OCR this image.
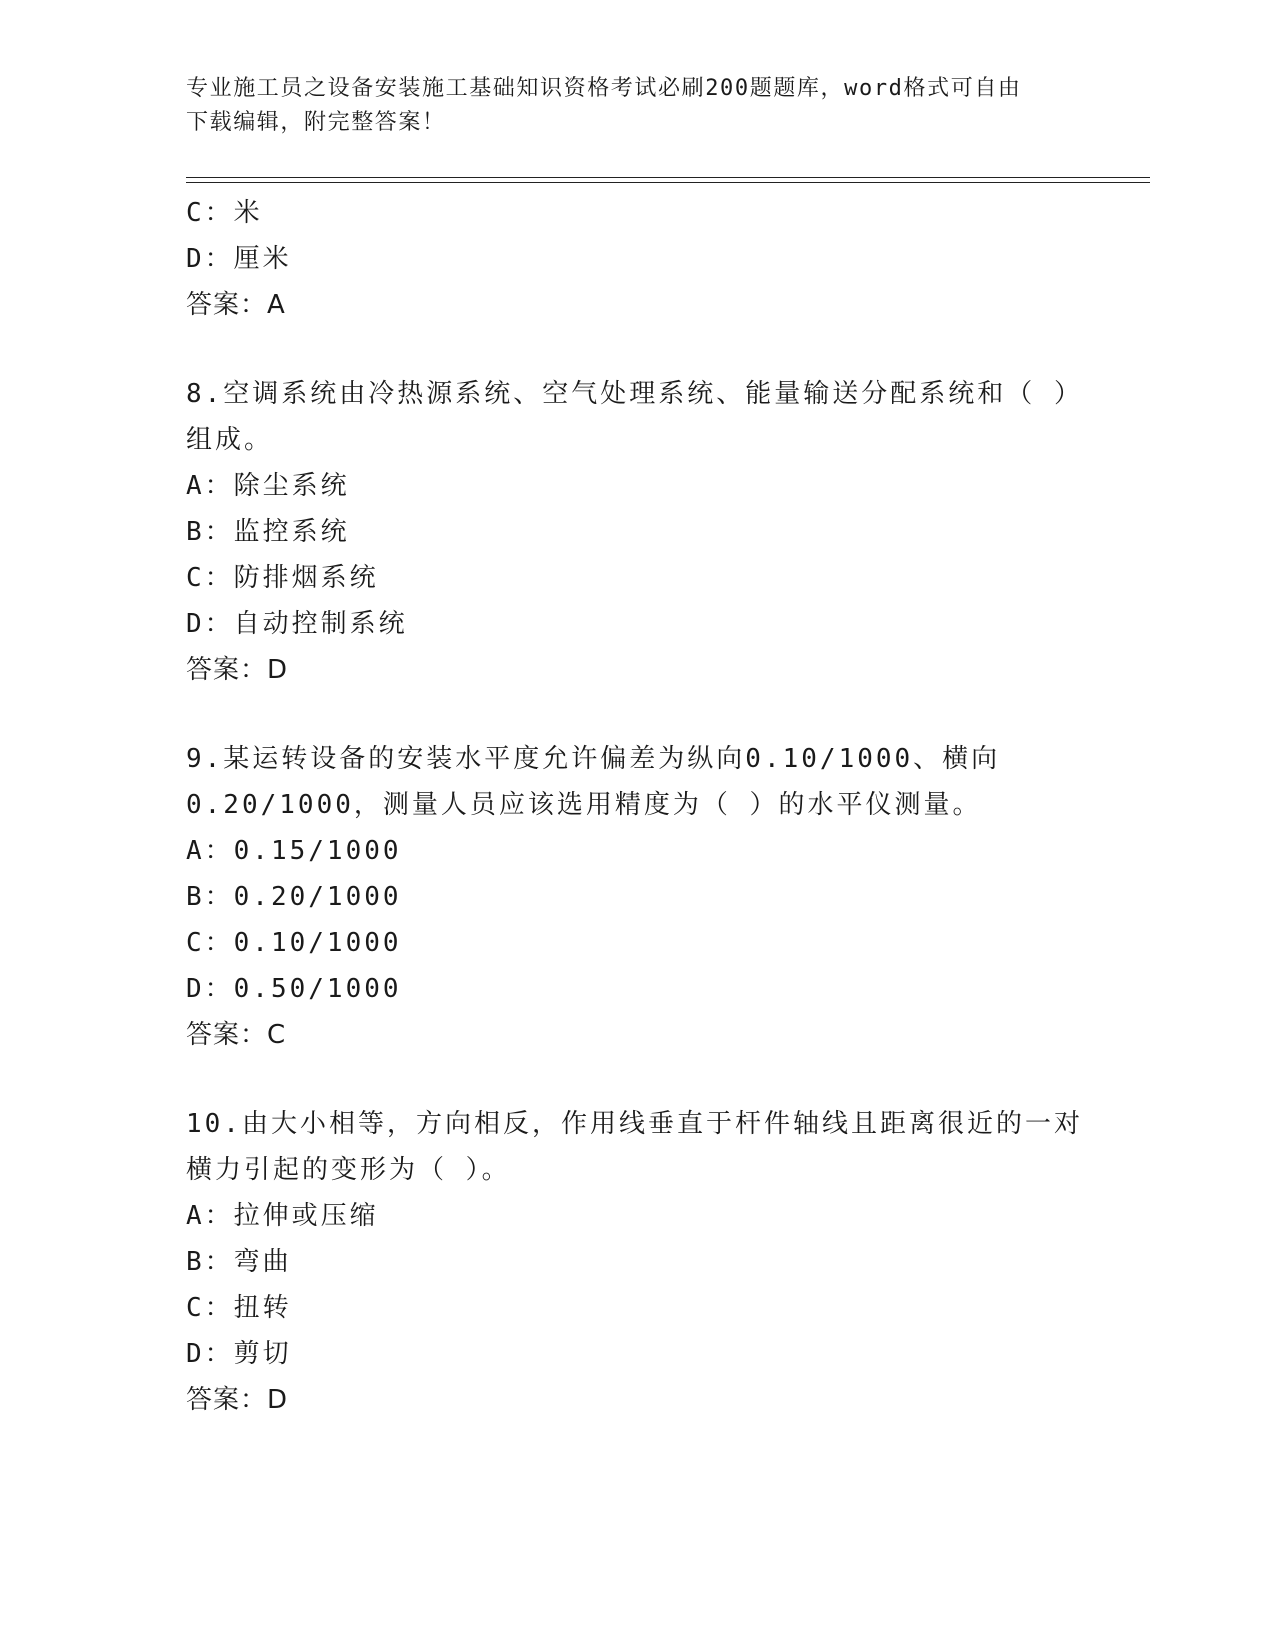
专业施工员之设备安装施工基础知识资格考试必刷200题题库，word格式可自由
下载编辑，附完整答案！
C：米
D：厘米
答案：A
8.空调系统由冷热源系统、空气处理系统、能量输送分配系统和（ ）
组成。
A：除尘系统
B：监控系统
C：防排烟系统
D：自动控制系统
答案：D
9.某运转设备的安装水平度允许偏差为纵向0.10/1000、横向
0.20/1000，测量人员应该选用精度为（ ）的水平仪测量。
A：0.15/1000
B：0.20/1000
C：0.10/1000
D：0.50/1000
答案：C
10.由大小相等，方向相反，作用线垂直于杆件轴线且距离很近的一对
横力引起的变形为（ ）。
A：拉伸或压缩
B：弯曲
C：扭转
D：剪切
答案：D
